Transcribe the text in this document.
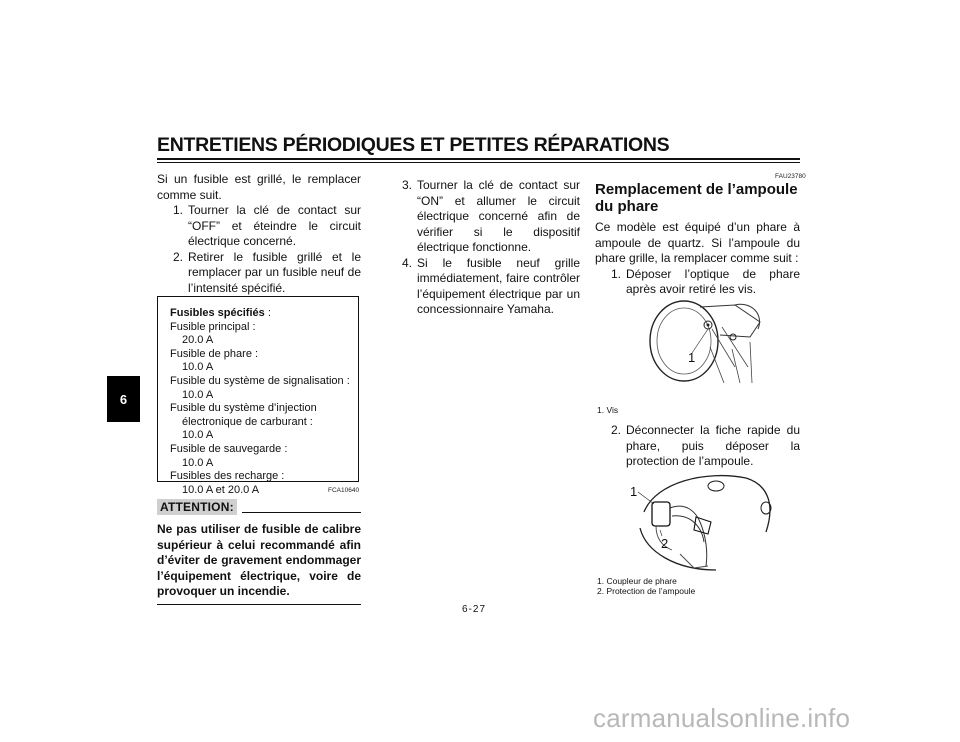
ENTRETIENS PÉRIODIQUES ET PETITES RÉPARATIONS
6

Si un fusible est grillé, le remplacer comme suit.

1. Tourner la clé de contact sur “OFF” et éteindre le circuit électrique concerné.
2. Retirer le fusible grillé et le remplacer par un fusible neuf de l’intensité spécifié.
Fusibles spécifiés :
Fusible principal :
20.0 A
Fusible de phare :
10.0 A
Fusible du système de signalisation :
10.0 A
Fusible du système d’injection
électronique de carburant :
10.0 A
Fusible de sauvegarde :
10.0 A
Fusibles des recharge :
10.0 A et 20.0 A	FCA10640
ATTENTION:
Ne pas utiliser de fusible de calibre supérieur à celui recommandé afin d’éviter de gravement endommager l’équipement électrique, voire de provoquer un incendie.
3. Tourner la clé de contact sur “ON” et allumer le circuit électrique concerné afin de vérifier si le dispositif électrique fonctionne.
4. Si le fusible neuf grille immédiatement, faire contrôler l’équipement électrique par un concessionnaire Yamaha.
FAU23780

Remplacement de l’ampoule du phare

Ce modèle est équipé d’un phare à ampoule de quartz. Si l’ampoule du phare grille, la remplacer comme suit :

1. Déposer l’optique de phare après avoir retiré les vis.
1
1. Vis
2. Déconnecter la fiche rapide du phare, puis déposer la protection de l’ampoule.
1
2
1. Coupleur de phare
2. Protection de l’ampoule
6-27
carmanualsonline.info
